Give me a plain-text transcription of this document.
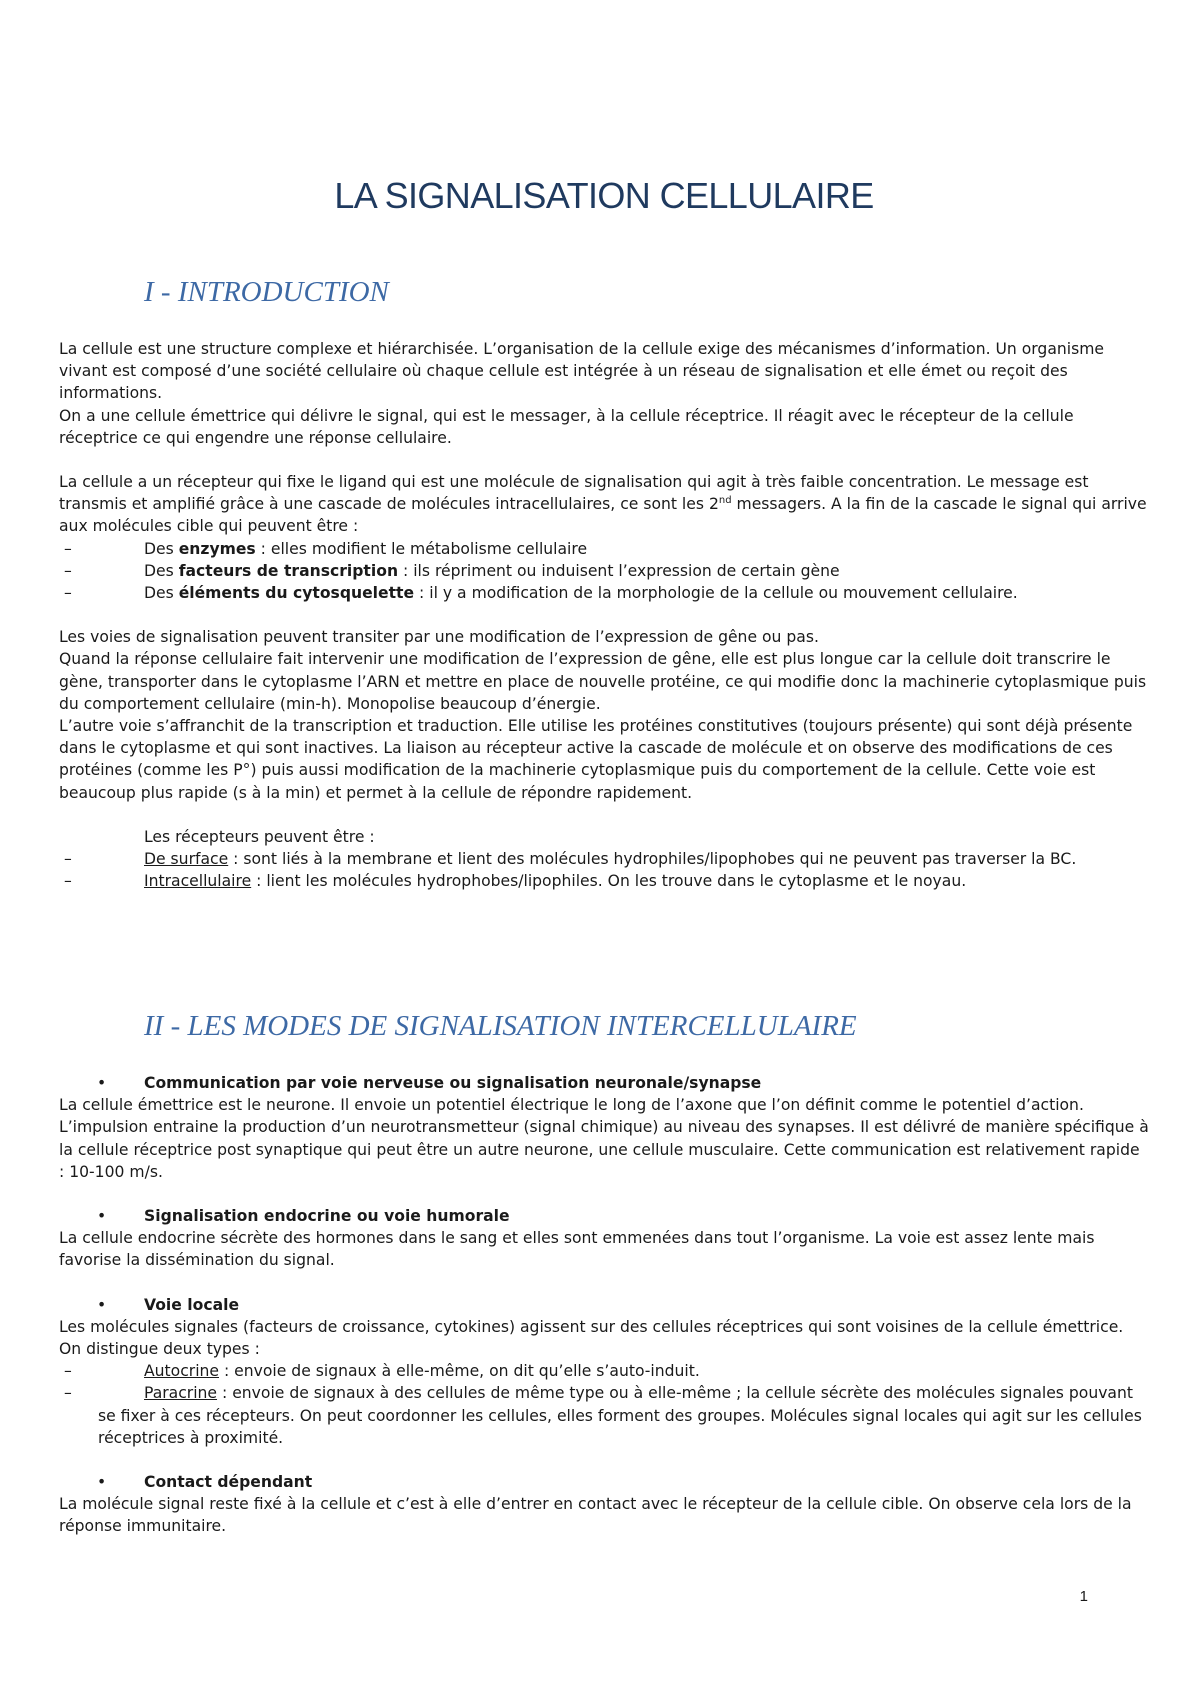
LA SIGNALISATION CELLULAIRE
I - INTRODUCTION

La cellule est une structure complexe et hiérarchisée. L’organisation de la cellule exige des mécanismes d’information. Un organisme vivant est composé d’une société cellulaire où chaque cellule est intégrée à un réseau de signalisation et elle émet ou reçoit des informations.

On a une cellule émettrice qui délivre le signal, qui est le messager, à la cellule réceptrice. Il réagit avec le récepteur de la cellule réceptrice ce qui engendre une réponse cellulaire.

La cellule a un récepteur qui fixe le ligand qui est une molécule de signalisation qui agit à très faible concentration. Le message est transmis et amplifié grâce à une cascade de molécules intracellulaires, ce sont les 2nd messagers. A la fin de la cascade le signal qui arrive aux molécules cible qui peuvent être :

–	Des enzymes : elles modifient le métabolisme cellulaire
–	Des facteurs de transcription : ils répriment ou induisent l’expression de certain gène
–	Des éléments du cytosquelette : il y a modification de la morphologie de la cellule ou mouvement cellulaire.

Les voies de signalisation peuvent transiter par une modification de l’expression de gêne ou pas.

Quand la réponse cellulaire fait intervenir une modification de l’expression de gêne, elle est plus longue car la cellule doit transcrire le gène, transporter dans le cytoplasme l’ARN et mettre en place de nouvelle protéine, ce qui modifie donc la machinerie cytoplasmique puis du comportement cellulaire (min-h). Monopolise beaucoup d’énergie.

L’autre voie s’affranchit de la transcription et traduction. Elle utilise les protéines constitutives (toujours présente) qui sont déjà présente dans le cytoplasme et qui sont inactives. La liaison au récepteur active la cascade de molécule et on observe des modifications de ces protéines (comme les P°) puis aussi modification de la machinerie cytoplasmique puis du comportement de la cellule. Cette voie est beaucoup plus rapide (s à la min) et permet à la cellule de répondre rapidement.

Les récepteurs peuvent être :

–	De surface : sont liés à la membrane et lient des molécules hydrophiles/lipophobes qui ne peuvent pas traverser la BC.
–	Intracellulaire : lient les molécules hydrophobes/lipophiles. On les trouve dans le cytoplasme et le noyau.
II - LES MODES DE SIGNALISATION INTERCELLULAIRE
• Communication par voie nerveuse ou signalisation neuronale/synapse

La cellule émettrice est le neurone. Il envoie un potentiel électrique le long de l’axone que l’on définit comme le potentiel d’action. L’impulsion entraine la production d’un neurotransmetteur (signal chimique) au niveau des synapses. Il est délivré de manière spécifique à la cellule réceptrice post synaptique qui peut être un autre neurone, une cellule musculaire. Cette communication est relativement rapide : 10-100 m/s.

• Signalisation endocrine ou voie humorale

La cellule endocrine sécrète des hormones dans le sang et elles sont emmenées dans tout l’organisme. La voie est assez lente mais favorise la dissémination du signal.

• Voie locale

Les molécules signales (facteurs de croissance, cytokines) agissent sur des cellules réceptrices qui sont voisines de la cellule émettrice. On distingue deux types :

–	Autocrine : envoie de signaux à elle-même, on dit qu’elle s’auto-induit.
–	Paracrine : envoie de signaux à des cellules de même type ou à elle-même ; la cellule sécrète des molécules signales pouvant se fixer à ces récepteurs. On peut coordonner les cellules, elles forment des groupes. Molécules signal locales qui agit sur les cellules réceptrices à proximité.
• Contact dépendant

La molécule signal reste fixé à la cellule et c’est à elle d’entrer en contact avec le récepteur de la cellule cible. On observe cela lors de la réponse immunitaire.

1
